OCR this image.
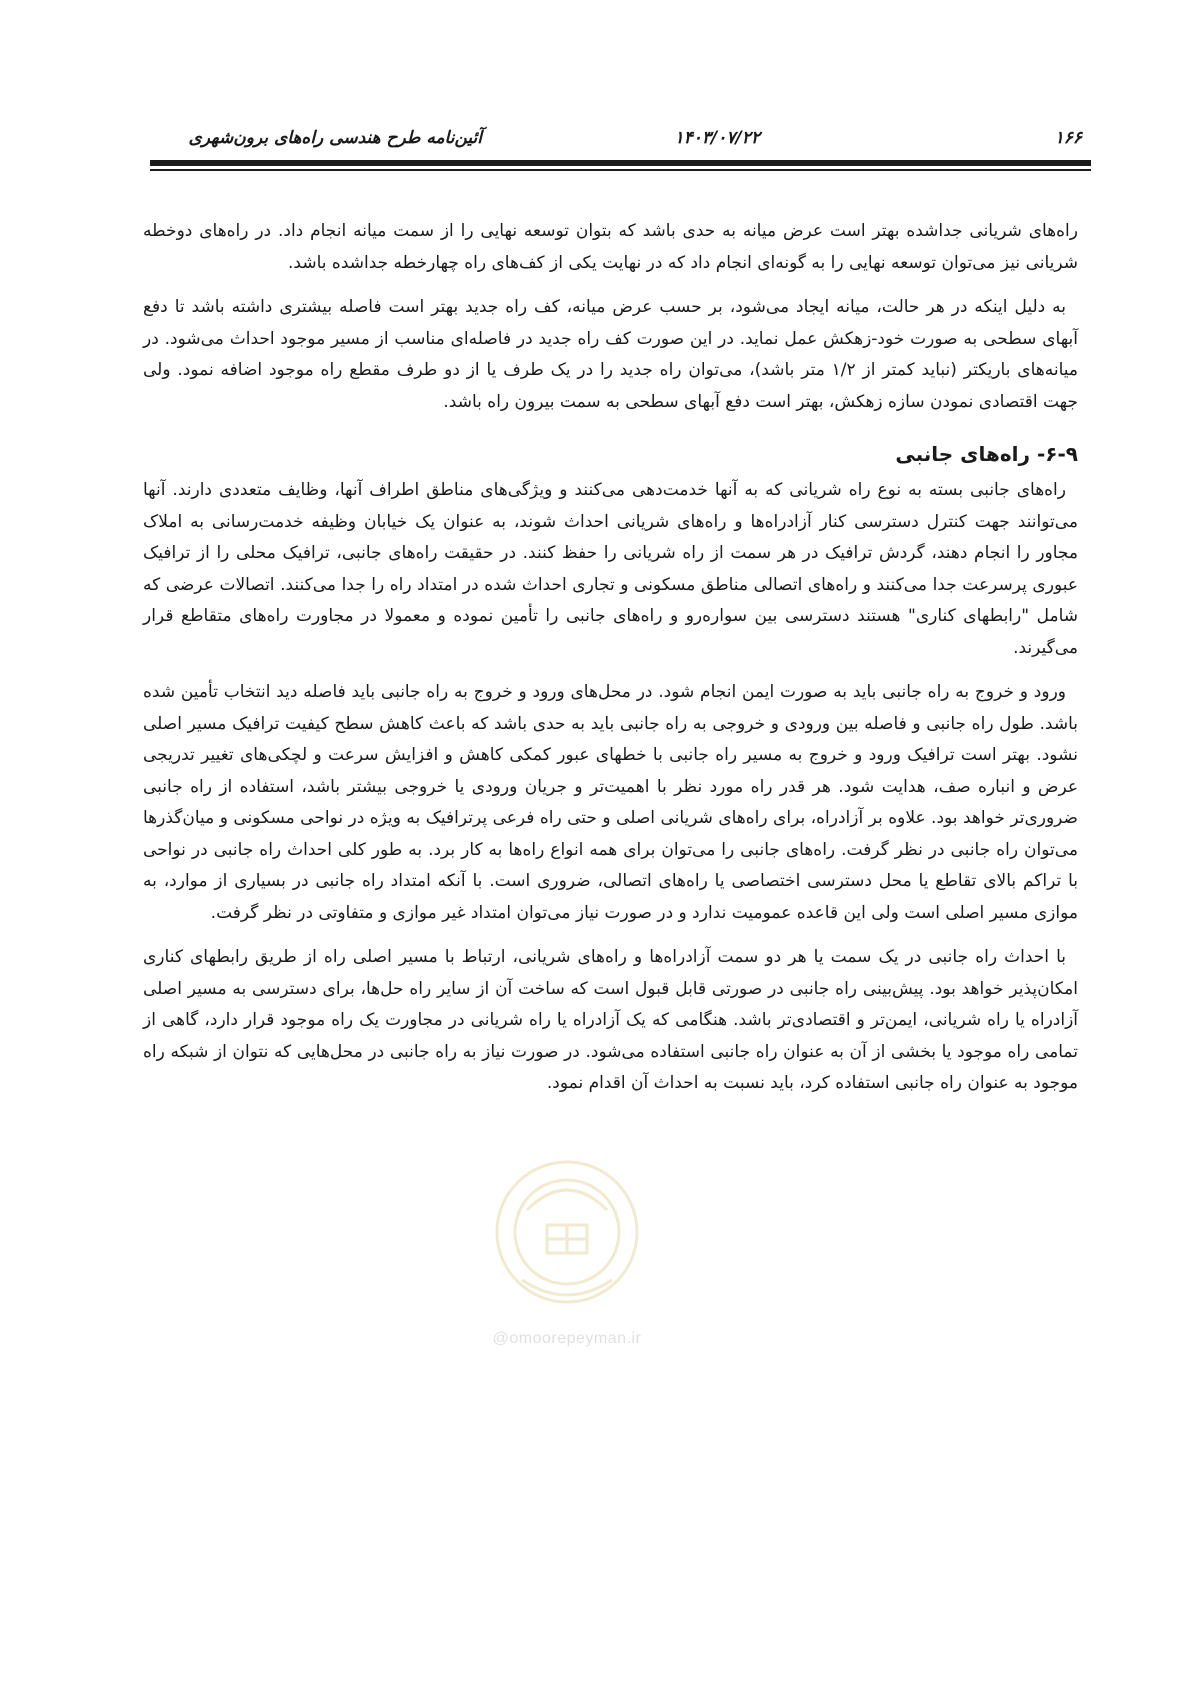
۱۶۶
۱۴۰۳/۰۷/۲۲
آئین‌نامه طرح هندسی راه‌های برون‌شهری

راه‌های شریانی جداشده بهتر است عرض میانه به حدی باشد که بتوان توسعه نهایی را از سمت میانه انجام داد. در راه‌های دوخطه شریانی نیز می‌توان توسعه نهایی را به گونه‌ای انجام داد که در نهایت یکی از کف‌های راه چهارخطه جداشده باشد.

به دلیل اینکه در هر حالت، میانه ایجاد می‌شود، بر حسب عرض میانه، کف راه جدید بهتر است فاصله بیشتری داشته باشد تا دفع آبهای سطحی به صورت خود-زهکش عمل نماید. در این صورت کف راه جدید در فاصله‌ای مناسب از مسیر موجود احداث می‌شود. در میانه‌های باریکتر (نباید کمتر از ۱/۲ متر باشد)، می‌توان راه جدید را در یک طرف یا از دو طرف مقطع راه موجود اضافه نمود. ولی جهت اقتصادی نمودن سازه زهکش، بهتر است دفع آبهای سطحی به سمت بیرون راه باشد.

۶-۹- راه‌های جانبی

راه‌های جانبی بسته به نوع راه شریانی که به آنها خدمت‌دهی می‌کنند و ویژگی‌های مناطق اطراف آنها، وظایف متعددی دارند. آنها می‌توانند جهت کنترل دسترسی کنار آزادراه‌ها و راه‌های شریانی احداث شوند، به عنوان یک خیابان وظیفه خدمت‌رسانی به املاک مجاور را انجام دهند، گردش ترافیک در هر سمت از راه شریانی را حفظ کنند. در حقیقت راه‌های جانبی، ترافیک محلی را از ترافیک عبوری پرسرعت جدا می‌کنند و راه‌های اتصالی مناطق مسکونی و تجاری احداث شده در امتداد راه را جدا می‌کنند. اتصالات عرضی که شامل "رابطهای کناری" هستند دسترسی بین سواره‌رو و راه‌های جانبی را تأمین نموده و معمولا در مجاورت راه‌های متقاطع قرار می‌گیرند.

ورود و خروج به راه جانبی باید به صورت ایمن انجام شود. در محل‌های ورود و خروج به راه جانبی باید فاصله دید انتخاب تأمین شده باشد. طول راه جانبی و فاصله بین ورودی و خروجی به راه جانبی باید به حدی باشد که باعث کاهش سطح کیفیت ترافیک مسیر اصلی نشود. بهتر است ترافیک ورود و خروج به مسیر راه جانبی با خطهای عبور کمکی کاهش و افزایش سرعت و لچکی‌های تغییر تدریجی عرض و انباره صف، هدایت شود. هر قدر راه مورد نظر با اهمیت‌تر و جریان ورودی یا خروجی بیشتر باشد، استفاده از راه جانبی ضروری‌تر خواهد بود. علاوه بر آزادراه، برای راه‌های شریانی اصلی و حتی راه فرعی پرترافیک به ویژه در نواحی مسکونی و میان‌گذرها می‌توان راه جانبی در نظر گرفت. راه‌های جانبی را می‌توان برای همه انواع راه‌ها به کار برد. به طور کلی احداث راه جانبی در نواحی با تراکم بالای تقاطع یا محل دسترسی اختصاصی یا راه‌های اتصالی، ضروری است. با آنکه امتداد راه جانبی در بسیاری از موارد، به موازی مسیر اصلی است ولی این قاعده عمومیت ندارد و در صورت نیاز می‌توان امتداد غیر موازی و متفاوتی در نظر گرفت.

با احداث راه جانبی در یک سمت یا هر دو سمت آزادراه‌ها و راه‌های شریانی، ارتباط با مسیر اصلی راه از طریق رابطهای کناری امکان‌پذیر خواهد بود. پیش‌بینی راه جانبی در صورتی قابل قبول است که ساخت آن از سایر راه حل‌ها، برای دسترسی به مسیر اصلی آزادراه یا راه شریانی، ایمن‌تر و اقتصادی‌تر باشد. هنگامی که یک آزادراه یا راه شریانی در مجاورت یک راه موجود قرار دارد، گاهی از تمامی راه موجود یا بخشی از آن به عنوان راه جانبی استفاده می‌شود. در صورت نیاز به راه جانبی در محل‌هایی که نتوان از شبکه راه موجود به عنوان راه جانبی استفاده کرد، باید نسبت به احداث آن اقدام نمود.

@omoorepeyman.ir
